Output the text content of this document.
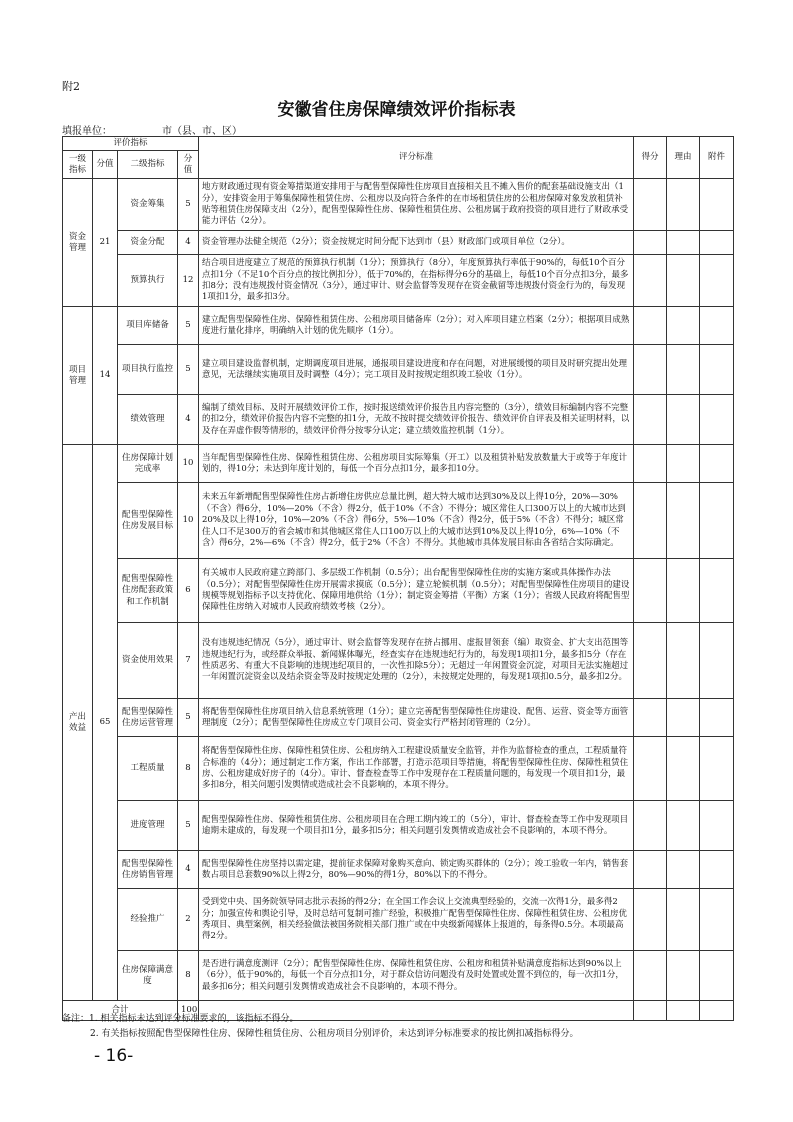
附2
安徽省住房保障绩效评价指标表
填报单位：__________市（县、市、区）
评价指标				评分标准	得分	理由	附件
一级指标	分值	二级指标	分值				
资金管理	21	资金筹集	5	地方财政通过现有资金筹措渠道安排用于与配售型保障性住房项目直接相关且不摊入售价的配套基础设施支出（1分），安排资金用于筹集保障性租赁住房、公租房以及向符合条件的在市场租赁住房的公租房保障对象发放租赁补贴等租赁住房保障支出（2分），配售型保障性住房、保障性租赁住房、公租房属于政府投资的项目进行了财政承受能力评估（2分）。			
		资金分配	4	资金管理办法健全规范（2分）；资金按规定时间分配下达到市（县）财政部门或项目单位（2分）。			
		预算执行	12	结合项目进度建立了规范的预算执行机制（1分）；预算执行（8分），年度预算执行率低于90%的，每低10个百分点扣1分（不足10个百分点的按比例扣分），低于70%的，在指标得分6分的基础上，每低10个百分点扣3分，最多扣8分；没有违规拨付资金情况（3分），通过审计、财会监督等发现存在资金截留等违规拨付资金行为的，每发现1项扣1分，最多扣3分。			
项目管理	14	项目库储备	5	建立配售型保障性住房、保障性租赁住房、公租房项目储备库（2分）；对入库项目建立档案（2分）；根据项目成熟度进行量化排序，明确纳入计划的优先顺序（1分）。			
		项目执行监控	5	建立项目建设监督机制，定期调度项目进展，通报项目建设进度和存在问题，对进展缓慢的项目及时研究提出处理意见，无法继续实施项目及时调整（4分）；完工项目及时按规定组织竣工验收（1分）。			
		绩效管理	4	编制了绩效目标、及时开展绩效评价工作，按时报送绩效评价报告且内容完整的（3分），绩效目标编制内容不完整的扣2分，绩效评价报告内容不完整的扣1分，无故不按时提交绩效评价报告、绩效评价自评表及相关证明材料，以及存在弄虚作假等情形的，绩效评价得分按零分认定；建立绩效监控机制（1分）。			
产出效益	65	住房保障计划完成率	10	当年配售型保障性住房、保障性租赁住房、公租房项目实际筹集（开工）以及租赁补贴发放数量大于或等于年度计划的，得10分；未达到年度计划的，每低一个百分点扣1分，最多扣10分。			
		配售型保障性住房发展目标	10	未来五年新增配售型保障性住房占新增住房供应总量比例，超大特大城市达到30%及以上得10分，20%—30%（不含）得6分，10%—20%（不含）得2分，低于10%（不含）不得分；城区常住人口300万以上的大城市达到20%及以上得10分，10%—20%（不含）得6分，5%—10%（不含）得2分，低于5%（不含）不得分；城区常住人口不足300万的省会城市和其他城区常住人口100万以上的大城市达到10%及以上得10分，6%—10%（不含）得6分，2%—6%（不含）得2分，低于2%（不含）不得分。其他城市具体发展目标由各省结合实际确定。			
		配售型保障性住房配套政策和工作机制	6	有关城市人民政府建立跨部门、多层级工作机制（0.5分）；出台配售型保障性住房的实施方案或具体操作办法（0.5分）；对配售型保障性住房开展需求摸底（0.5分）；建立轮候机制（0.5分）；对配售型保障性住房项目的建设规模等规划指标予以支持优化、保障用地供给（1分）；制定资金筹措（平衡）方案（1分）；省级人民政府将配售型保障性住房纳入对城市人民政府绩效考核（2分）。			
		资金使用效果	7	没有违规违纪情况（5分），通过审计、财会监督等发现存在挤占挪用、虚报冒领套（编）取资金、扩大支出范围等违规违纪行为，或经群众举报、新闻媒体曝光，经查实存在违规违纪行为的，每发现1项扣1分，最多扣5分（存在性质恶劣、有重大不良影响的违规违纪项目的，一次性扣除5分）；无超过一年闲置资金沉淀，对项目无法实施超过一年闲置沉淀资金以及结余资金等及时按规定处理的（2分），未按规定处理的，每发现1项扣0.5分，最多扣2分。			
		配售型保障性住房运营管理	5	将配售型保障性住房项目纳入信息系统管理（1分）；建立完善配售型保障性住房建设、配售、运营、资金等方面管理制度（2分）；配售型保障性住房成立专门项目公司、资金实行严格封闭管理的（2分）。			
		工程质量	8	将配售型保障性住房、保障性租赁住房、公租房纳入工程建设质量安全监管，并作为监督检查的重点，工程质量符合标准的（4分）；通过制定工作方案，作出工作部署，打造示范项目等措施，将配售型保障性住房、保障性租赁住房、公租房建成好房子的（4分）。审计、督查检查等工作中发现存在工程质量问题的，每发现一个项目扣1分，最多扣8分，相关问题引发舆情或造成社会不良影响的，本项不得分。			
		进度管理	5	配售型保障性住房、保障性租赁住房、公租房项目在合理工期内竣工的（5分），审计、督查检查等工作中发现项目逾期未建成的，每发现一个项目扣1分，最多扣5分；相关问题引发舆情或造成社会不良影响的，本项不得分。			
		配售型保障性住房销售管理	4	配售型保障性住房坚持以需定建，提前征求保障对象购买意向、锁定购买群体的（2分）；竣工验收一年内，销售套数占项目总套数90%以上得2分，80%—90%的得1分，80%以下的不得分。			
		经验推广	2	受到党中央、国务院领导同志批示表扬的得2分；在全国工作会议上交流典型经验的，交流一次得1分，最多得2分；加强宣传和舆论引导，及时总结可复制可推广经验，积极推广配售型保障性住房、保障性租赁住房、公租房优秀项目、典型案例，相关经验做法被国务院相关部门推广或在中央级新闻媒体上报道的，每条得0.5分。本项最高得2分。			
		住房保障满意度	8	是否进行满意度测评（2分）；配售型保障性住房、保障性租赁住房、公租房和租赁补贴满意度指标达到90%以上（6分），低于90%的，每低一个百分点扣1分，对于群众信访问题没有及时处置或处置不到位的，每一次扣1分，最多扣6分；相关问题引发舆情或造成社会不良影响的，本项不得分。			
合计			100				
备注：1. 相关指标未达到评分标准要求的，该指标不得分。
2. 有关指标按照配售型保障性住房、保障性租赁住房、公租房项目分别评价，未达到评分标准要求的按比例扣减指标得分。
- 16-
